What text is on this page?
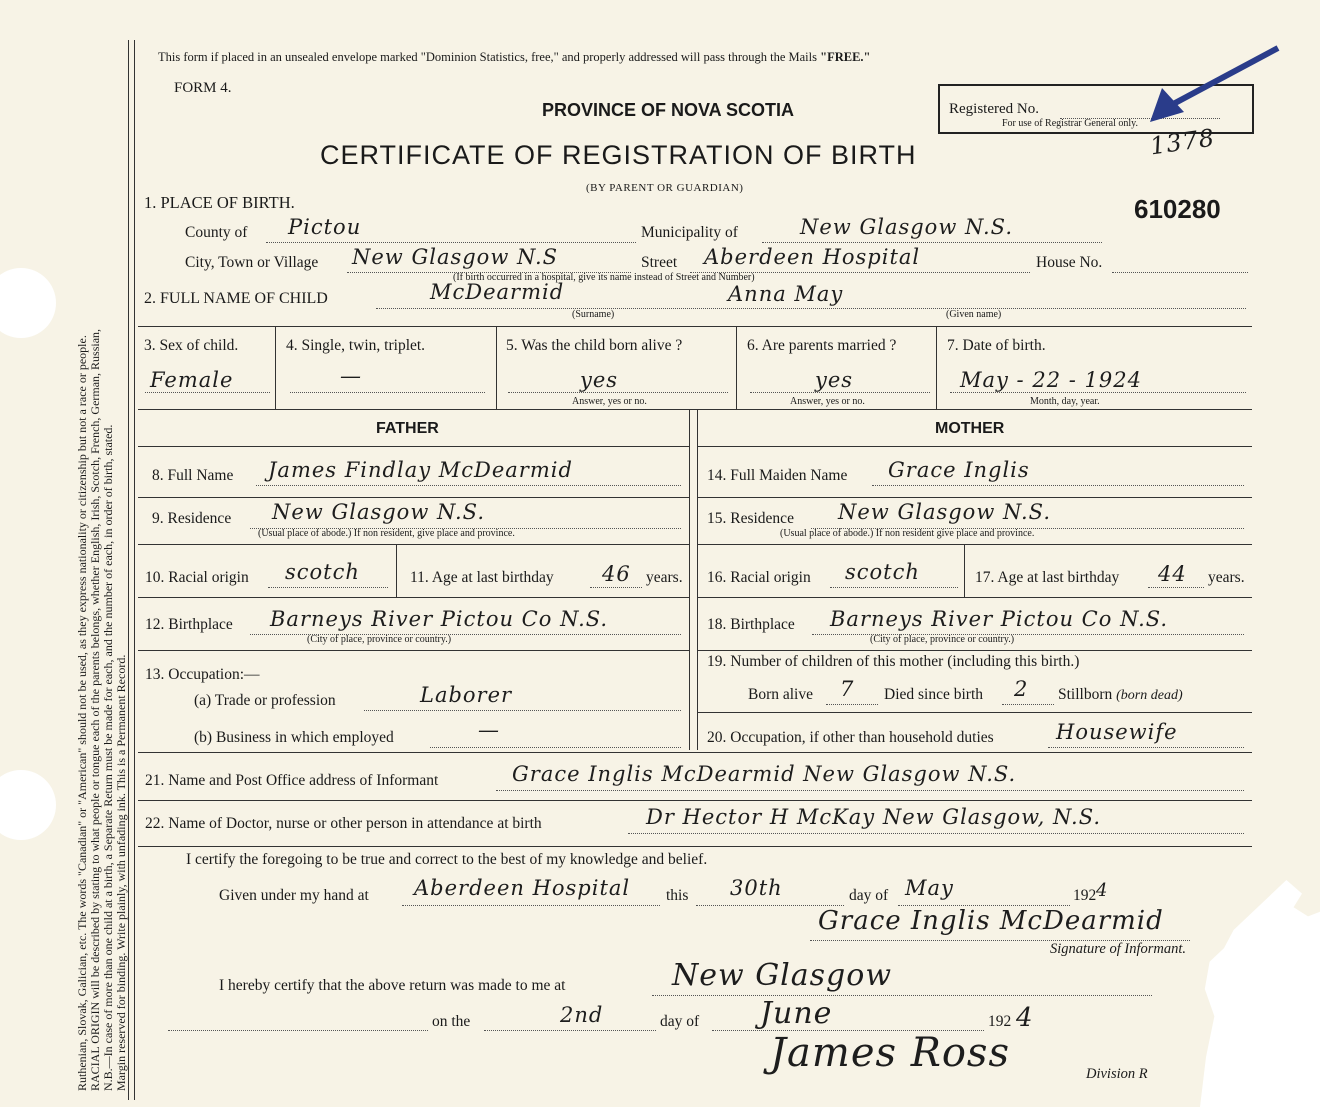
Ruthenian, Slovak, Galician, etc. The words "Canadian" or "American" should not be used, as they express nationality or citizenship but not a race or people. RACIAL ORIGIN will be described by stating to what people or tongue each of the parents belongs, whether English, Irish, Scotch, French, German, Russian, N.B.—In case of more than one child at a birth, a Separate Return must be made for each, and the number of each, in order of birth, stated. Margin reserved for binding. Write plainly, with unfading ink. This is a Permanent Record.
This form if placed in an unsealed envelope marked "Dominion Statistics, free," and properly addressed will pass through the Mails "FREE."
FORM 4.
PROVINCE OF NOVA SCOTIA
CERTIFICATE OF REGISTRATION OF BIRTH
(BY PARENT OR GUARDIAN)
Registered No.
For use of Registrar General only.
1378
610280
1. PLACE OF BIRTH.
County of Pictou	Municipality of	New Glasgow N.S.
City, Town or Village New Glasgow N.S	Street Aberdeen Hospital	House No.
(If birth occurred in a hospital, give its name instead of Street and Number)
2. FULL NAME OF CHILD	McDearmid
(Surname)
Anna May
(Given name)
3. Sex of child.
Female
4. Single, twin, triplet.
—
5. Was the child born alive ?
yes
Answer, yes or no.
6. Are parents married ?
yes
Answer, yes or no.
7. Date of birth.
May - 22 - 1924
Month, day, year.
FATHER	MOTHER
8. Full Name James Findlay McDearmid
9. Residence New Glasgow N.S.
(Usual place of abode.) If non resident, give place and province.
10. Racial origin scotch	11. Age at last birthday 46 years.
12. Birthplace Barneys River Pictou Co N.S.
(City of place, province or country.)
13. Occupation:—
(a) Trade or profession	Laborer
(b) Business in which employed	—
14. Full Maiden Name Grace Inglis
15. Residence New Glasgow N.S.
(Usual place of abode.) If non resident give place and province.
16. Racial origin scotch	17. Age at last birthday 44 years.
18. Birthplace Barneys River Pictou Co N.S.
(City of place, province or country.)
19. Number of children of this mother (including this birth.)
Born alive 7 Died since birth 2 Stillborn (born dead)
20. Occupation, if other than household duties	Housewife
21. Name and Post Office address of Informant	Grace Inglis McDearmid New Glasgow N.S.
22. Name of Doctor, nurse or other person in attendance at birth	Dr Hector H McKay New Glasgow, N.S.
I certify the foregoing to be true and correct to the best of my knowledge and belief.
Given under my hand at Aberdeen Hospital this 30th	day of May	192 4
Grace Inglis McDearmid
Signature of Informant.
I hereby certify that the above return was made to me at	New Glasgow
on the	2nd	day of June	192 4
James Ross	Division R
